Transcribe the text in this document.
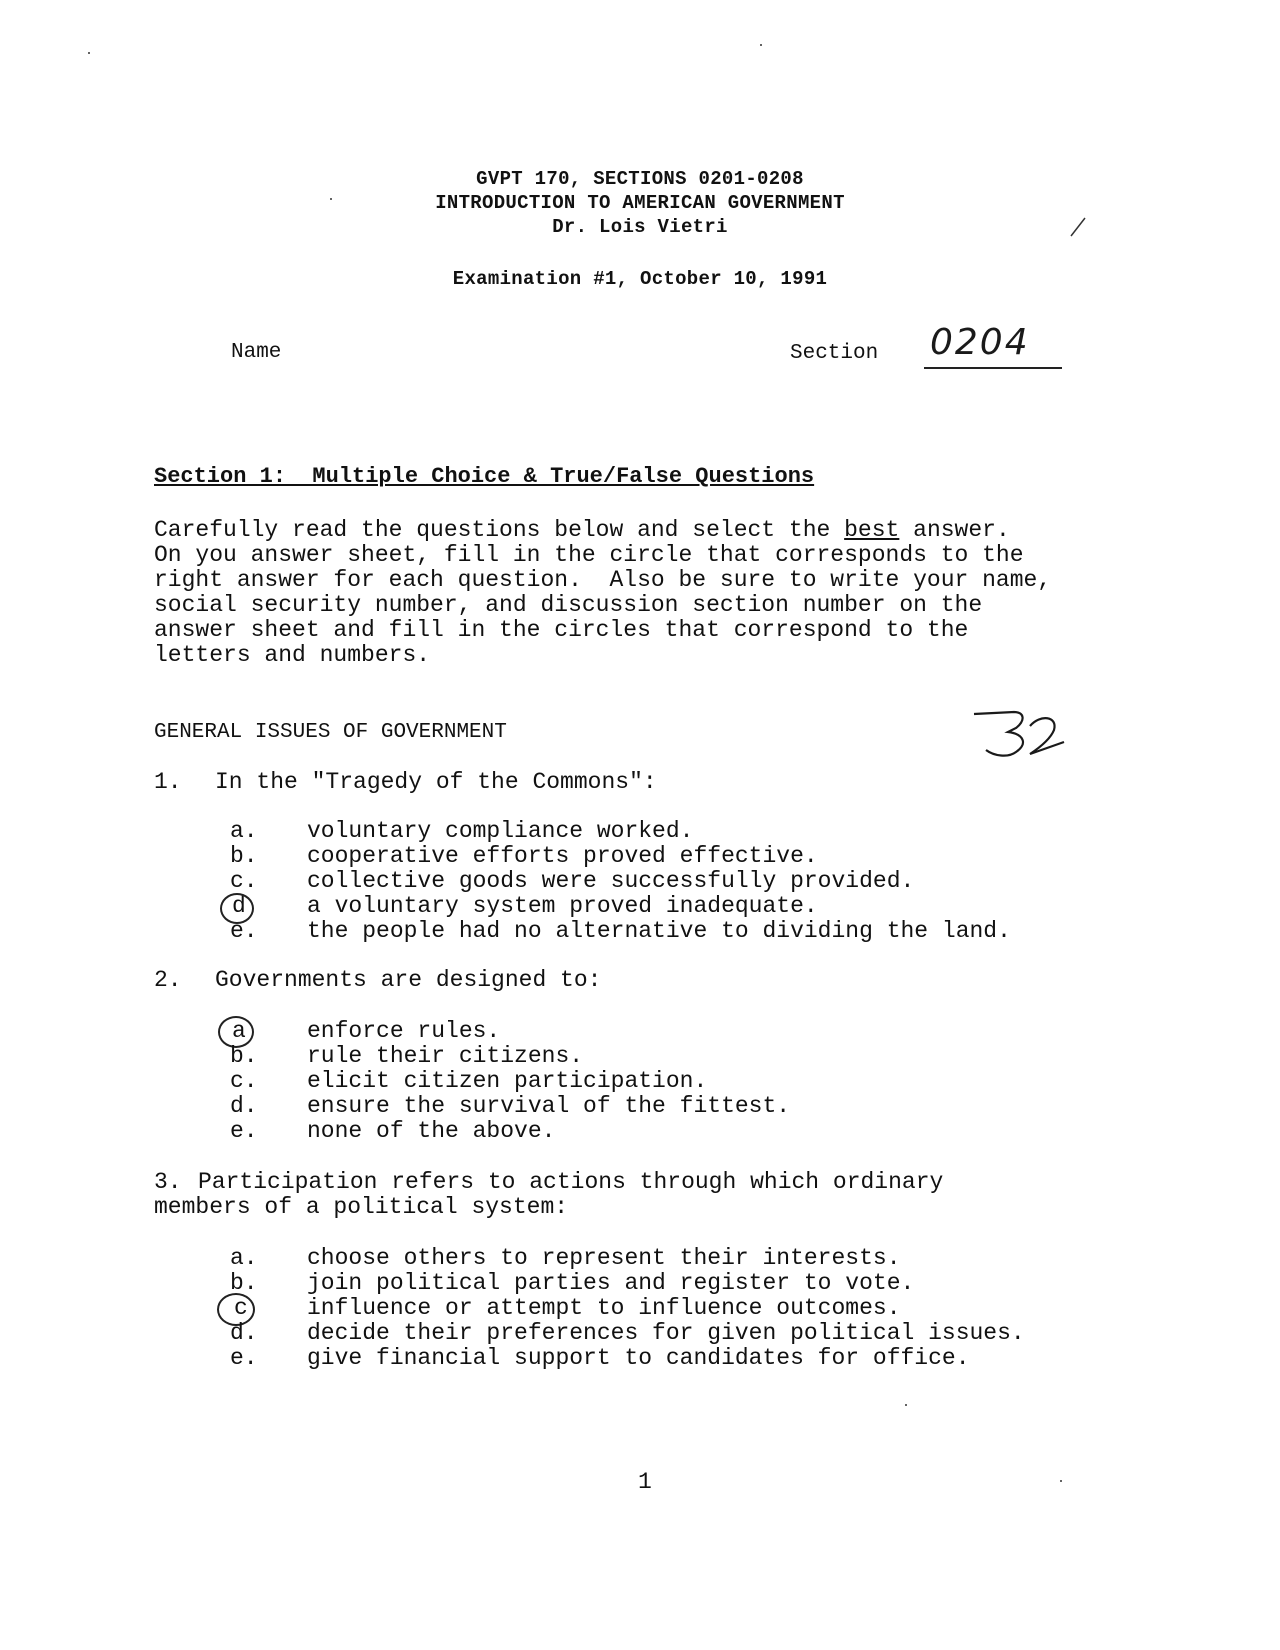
GVPT 170, SECTIONS 0201-0208
INTRODUCTION TO AMERICAN GOVERNMENT
Dr. Lois Vietri
Examination #1, October 10, 1991
Name	Section 0204
Section 1:  Multiple Choice & True/False Questions
Carefully read the questions below and select the best answer.
On you answer sheet, fill in the circle that corresponds to the
right answer for each question.  Also be sure to write your name,
social security number, and discussion section number on the
answer sheet and fill in the circles that correspond to the
letters and numbers.
GENERAL ISSUES OF GOVERNMENT
1. In the "Tragedy of the Commons":
a. voluntary compliance worked.
b. cooperative efforts proved effective.
c. collective goods were successfully provided.
d	a voluntary system proved inadequate.
e. the people had no alternative to dividing the land.
2. Governments are designed to:
a	enforce rules.
b. rule their citizens.
c. elicit citizen participation.
d. ensure the survival of the fittest.
e. none of the above.
3. Participation refers to actions through which ordinary
members of a political system:
a. choose others to represent their interests.
b. join political parties and register to vote.
c	influence or attempt to influence outcomes.
d. decide their preferences for given political issues.
e. give financial support to candidates for office.
1
